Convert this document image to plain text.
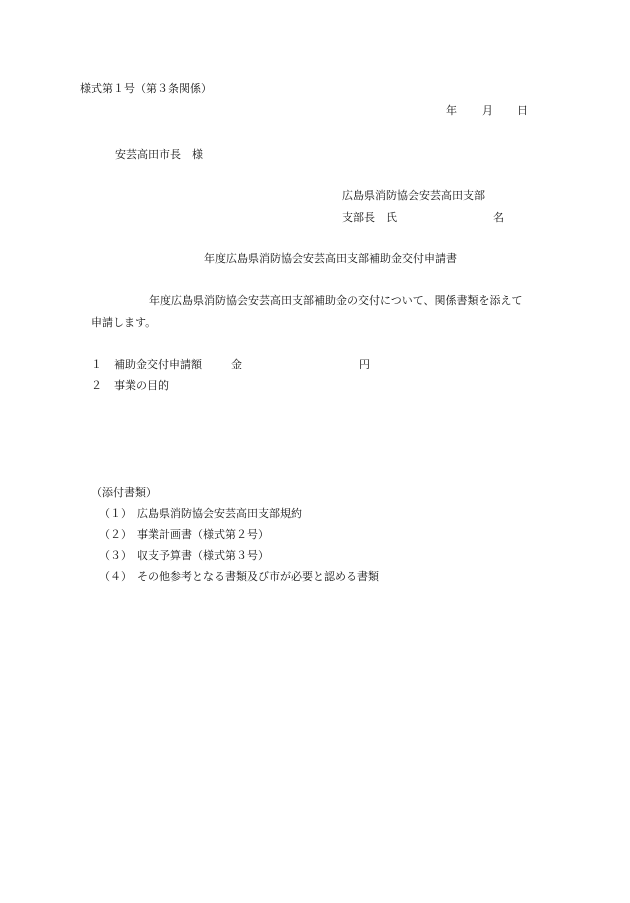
様式第１号（第３条関係）
年 月 日
安芸高田市長　様
広島県消防協会安芸高田支部
支部長　氏	名
年度広島県消防協会安芸高田支部補助金交付申請書
年度広島県消防協会安芸高田支部補助金の交付について、関係書類を添えて
申請します。
１ 補助金交付申請額	金	円
２ 事業の目的
（添付書類）
（１） 広島県消防協会安芸高田支部規約
（２） 事業計画書（様式第２号）
（３） 収支予算書（様式第３号）
（４） その他参考となる書類及び市が必要と認める書類
